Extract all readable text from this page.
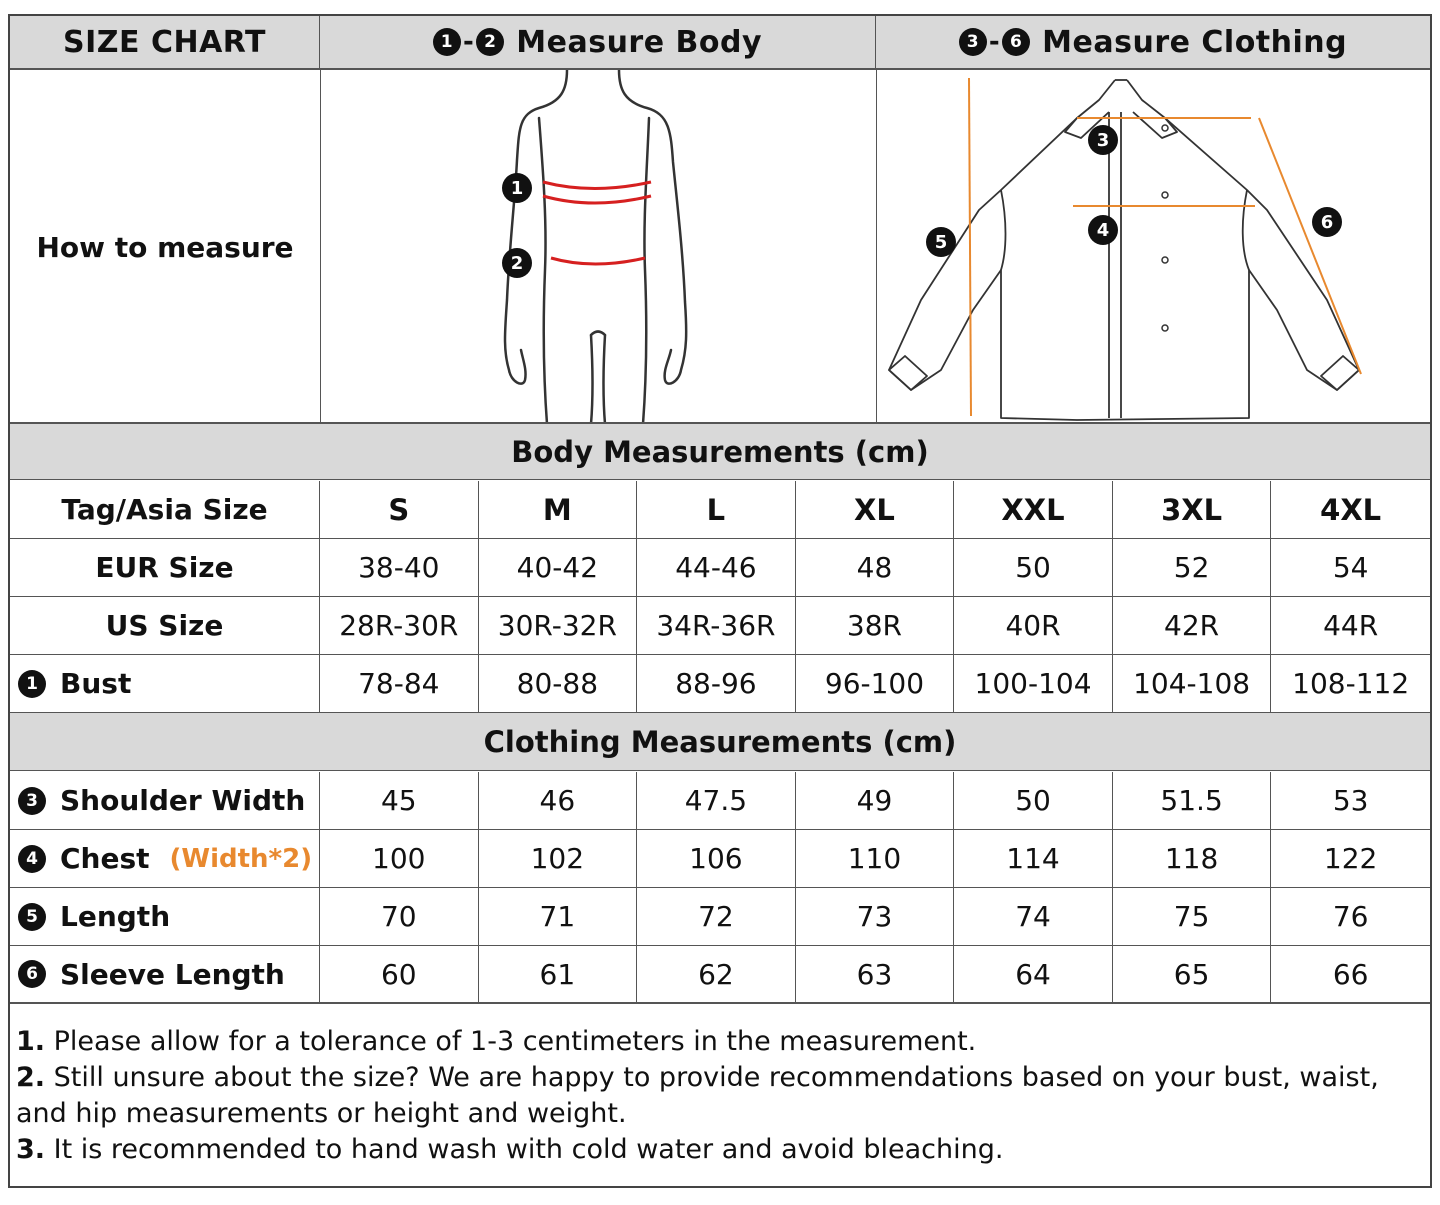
SIZE CHART	1 - 2 Measure Body	3 - 6 Measure Clothing
How to measure
1
2
3
4
5
6
Body Measurements (cm)
Tag/Asia Size	S	M	L	XL	XXL	3XL	4XL
EUR Size	38-40	40-42	44-46	48	50	52	54
US Size	28R-30R	30R-32R	34R-36R	38R	40R	42R	44R
1 Bust	78-84	80-88	88-96	96-100	100-104	104-108	108-112
Clothing Measurements (cm)
3 Shoulder Width	45	46	47.5	49	50	51.5	53
4 Chest (Width*2)	100	102	106	110	114	118	122
5 Length	70	71	72	73	74	75	76
6 Sleeve Length	60	61	62	63	64	65	66
1. Please allow for a tolerance of 1-3 centimeters in the measurement.
2. Still unsure about the size? We are happy to provide recommendations based on your bust, waist, and hip measurements or height and weight.
3. It is recommended to hand wash with cold water and avoid bleaching.
